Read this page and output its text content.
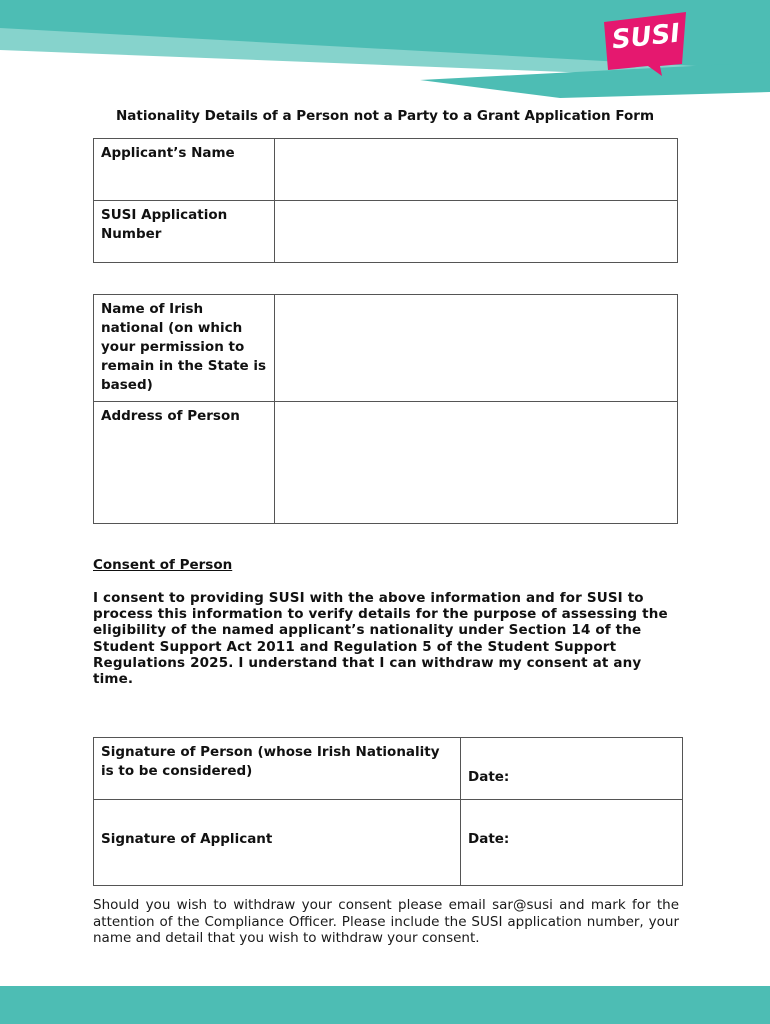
SUSI
Nationality Details of a Person not a Party to a Grant Application Form
Applicant’s Name	
SUSI Application Number	
Name of Irish national (on which your permission to remain in the State is based)	
Address of Person	
Consent of Person
I consent to providing SUSI with the above information and for SUSI to process this information to verify details for the purpose of assessing the eligibility of the named applicant’s nationality under Section 14 of the Student Support Act 2011 and Regulation 5 of the Student Support Regulations 2025. I understand that I can withdraw my consent at any time.
Signature of Person (whose Irish Nationality is to be considered)	Date:
Signature of Applicant	Date:
Should you wish to withdraw your consent please email sar@susi and mark for the attention of the Compliance Officer. Please include the SUSI application number, your name and detail that you wish to withdraw your consent.
